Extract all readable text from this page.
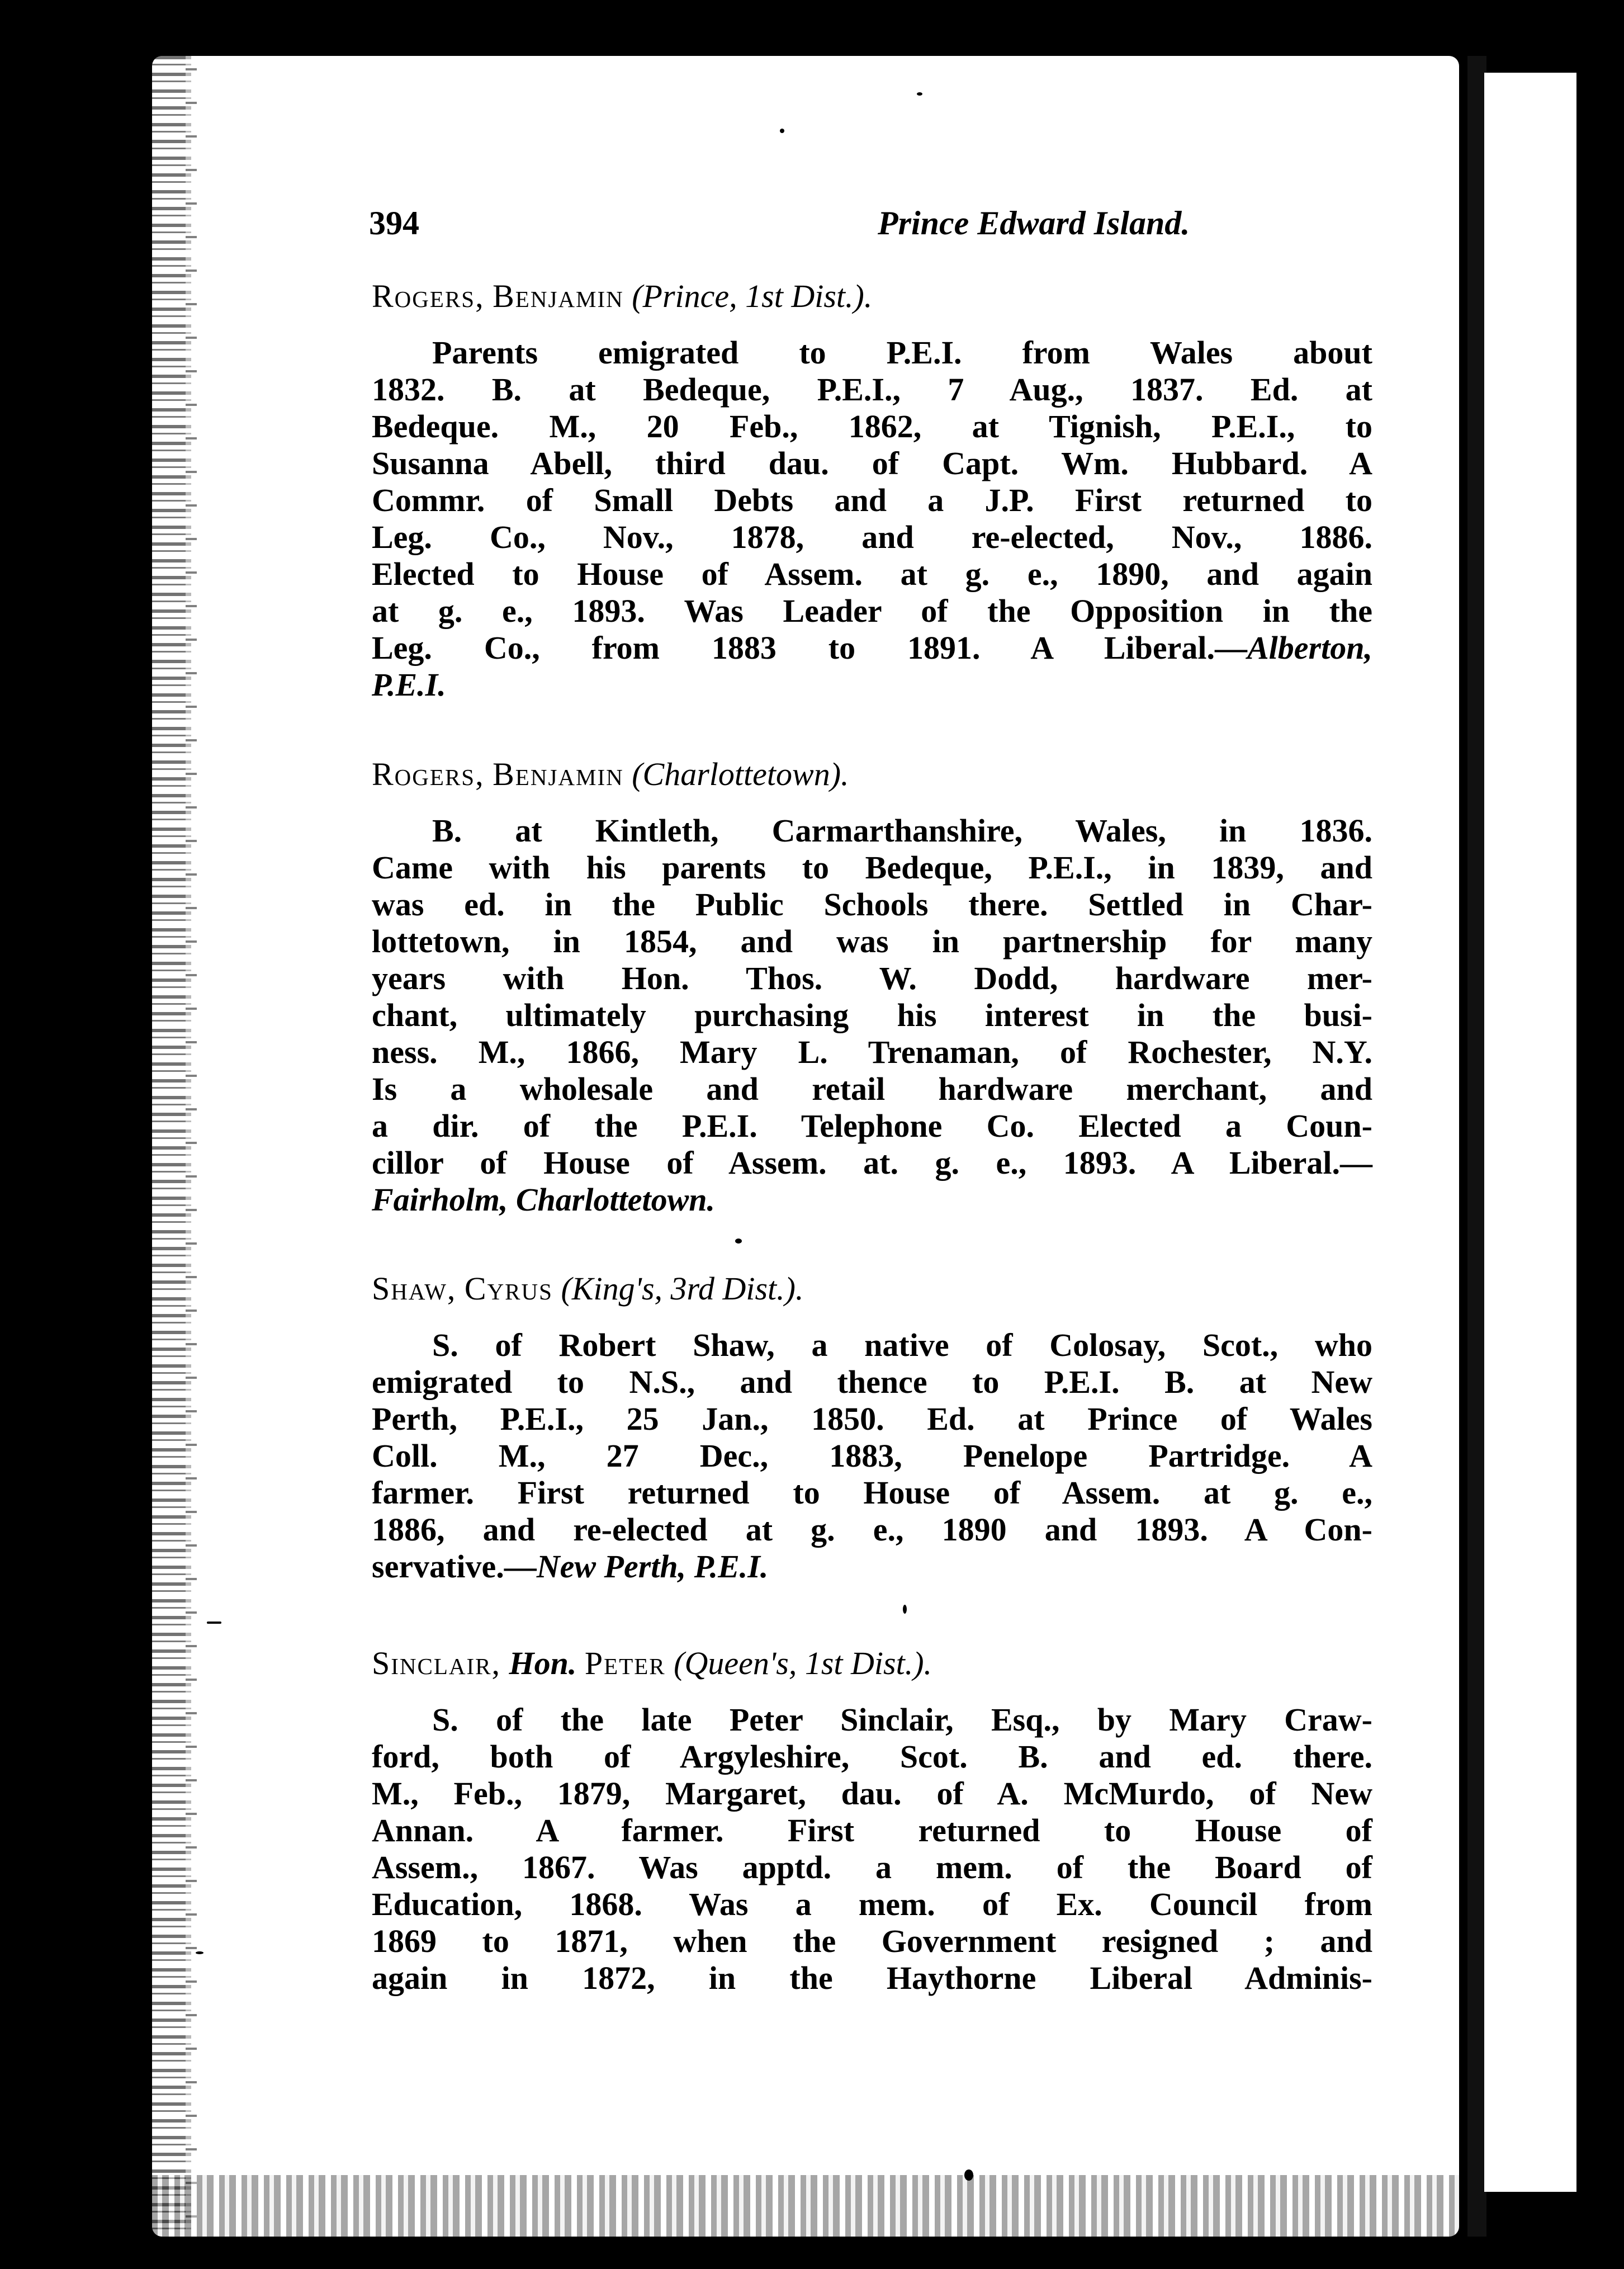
394	Prince Edward Island.
Rogers, Benjamin (Prince, 1st Dist.).
Parents emigrated to P.E.I. from Wales about
1832. B. at Bedeque, P.E.I., 7 Aug., 1837. Ed. at
Bedeque. M., 20 Feb., 1862, at Tignish, P.E.I., to
Susanna Abell, third dau. of Capt. Wm. Hubbard. A
Commr. of Small Debts and a J.P. First returned to
Leg. Co., Nov., 1878, and re-elected, Nov., 1886.
Elected to House of Assem. at g. e., 1890, and again
at g. e., 1893. Was Leader of the Opposition in the
Leg. Co., from 1883 to 1891. A Liberal.—Alberton,
P.E.I.
Rogers, Benjamin (Charlottetown).
B. at Kintleth, Carmarthanshire, Wales, in 1836.
Came with his parents to Bedeque, P.E.I., in 1839, and
was ed. in the Public Schools there. Settled in Char-
lottetown, in 1854, and was in partnership for many
years with Hon. Thos. W. Dodd, hardware mer-
chant, ultimately purchasing his interest in the busi-
ness. M., 1866, Mary L. Trenaman, of Rochester, N.Y.
Is a wholesale and retail hardware merchant, and
a dir. of the P.E.I. Telephone Co. Elected a Coun-
cillor of House of Assem. at. g. e., 1893. A Liberal.—
Fairholm, Charlottetown.
Shaw, Cyrus (King's, 3rd Dist.).
S. of Robert Shaw, a native of Colosay, Scot., who
emigrated to N.S., and thence to P.E.I. B. at New
Perth, P.E.I., 25 Jan., 1850. Ed. at Prince of Wales
Coll. M., 27 Dec., 1883, Penelope Partridge. A
farmer. First returned to House of Assem. at g. e.,
1886, and re-elected at g. e., 1890 and 1893. A Con-
servative.—New Perth, P.E.I.
Sinclair, Hon. Peter (Queen's, 1st Dist.).
S. of the late Peter Sinclair, Esq., by Mary Craw-
ford, both of Argyleshire, Scot. B. and ed. there.
M., Feb., 1879, Margaret, dau. of A. McMurdo, of New
Annan. A farmer. First returned to House of
Assem., 1867. Was apptd. a mem. of the Board of
Education, 1868. Was a mem. of Ex. Council from
1869 to 1871, when the Government resigned ; and
again in 1872, in the Haythorne Liberal Adminis-
